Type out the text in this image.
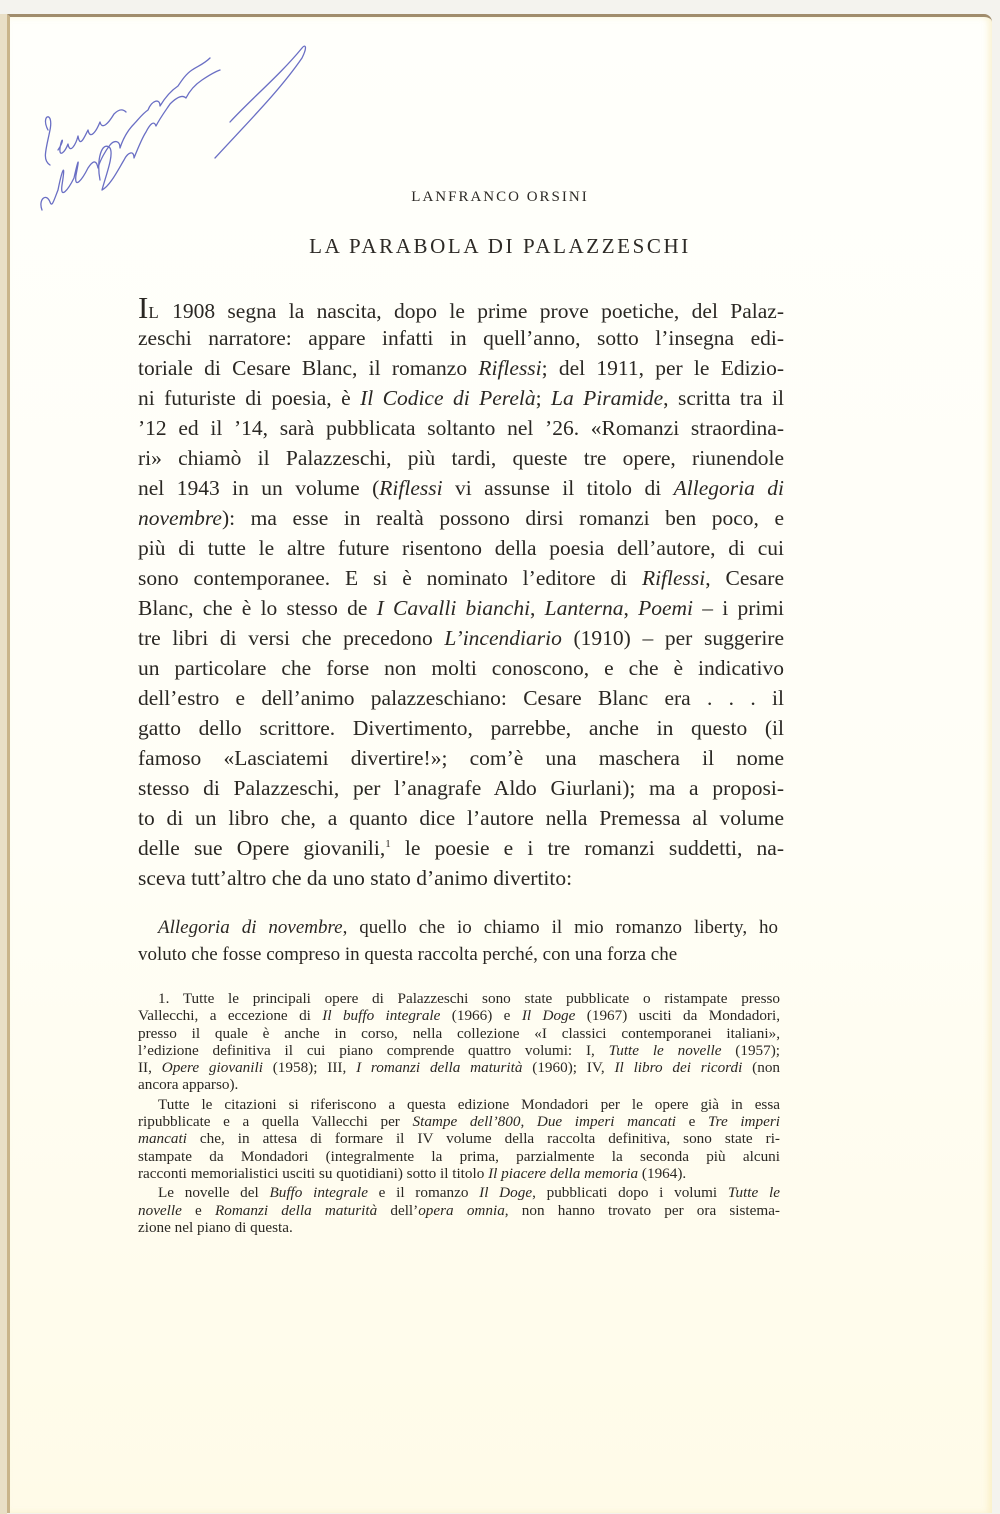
LANFRANCO ORSINI
LA PARABOLA DI PALAZZESCHI
IL 1908 segna la nascita, dopo le prime prove poetiche, del Palaz-
zeschi narratore: appare infatti in quell’anno, sotto l’insegna edi-
toriale di Cesare Blanc, il romanzo Riflessi; del 1911, per le Edizio-
ni futuriste di poesia, è Il Codice di Perelà; La Piramide, scritta tra il
’12 ed il ’14, sarà pubblicata soltanto nel ’26. «Romanzi straordina-
ri» chiamò il Palazzeschi, più tardi, queste tre opere, riunendole
nel 1943 in un volume (Riflessi vi assunse il titolo di Allegoria di
novembre): ma esse in realtà possono dirsi romanzi ben poco, e
più di tutte le altre future risentono della poesia dell’autore, di cui
sono contemporanee. E si è nominato l’editore di Riflessi, Cesare
Blanc, che è lo stesso de I Cavalli bianchi, Lanterna, Poemi – i primi
tre libri di versi che precedono L’incendiario (1910) – per suggerire
un particolare che forse non molti conoscono, e che è indicativo
dell’estro e dell’animo palazzeschiano: Cesare Blanc era . . . il
gatto dello scrittore. Divertimento, parrebbe, anche in questo (il
famoso «Lasciatemi divertire!»; com’è una maschera il nome
stesso di Palazzeschi, per l’anagrafe Aldo Giurlani); ma a proposi-
to di un libro che, a quanto dice l’autore nella Premessa al volume
delle sue Opere giovanili,$^1$ le poesie e i tre romanzi suddetti, na-
sceva tutt’altro che da uno stato d’animo divertito:
Allegoria di novembre, quello che io chiamo il mio romanzo liberty, ho
voluto che fosse compreso in questa raccolta perché, con una forza che
1. Tutte le principali opere di Palazzeschi sono state pubblicate o ristampate presso
Vallecchi, a eccezione di Il buffo integrale (1966) e Il Doge (1967) usciti da Mondadori,
presso il quale è anche in corso, nella collezione «I classici contemporanei italiani»,
l’edizione definitiva il cui piano comprende quattro volumi: I, Tutte le novelle (1957);
II, Opere giovanili (1958); III, I romanzi della maturità (1960); IV, Il libro dei ricordi (non
ancora apparso).
Tutte le citazioni si riferiscono a questa edizione Mondadori per le opere già in essa
ripubblicate e a quella Vallecchi per Stampe dell’800, Due imperi mancati e Tre imperi
mancati che, in attesa di formare il IV volume della raccolta definitiva, sono state ri-
stampate da Mondadori (integralmente la prima, parzialmente la seconda più alcuni
racconti memorialistici usciti su quotidiani) sotto il titolo Il piacere della memoria (1964).
Le novelle del Buffo integrale e il romanzo Il Doge, pubblicati dopo i volumi Tutte le
novelle e Romanzi della maturità dell’opera omnia, non hanno trovato per ora sistema-
zione nel piano di questa.
